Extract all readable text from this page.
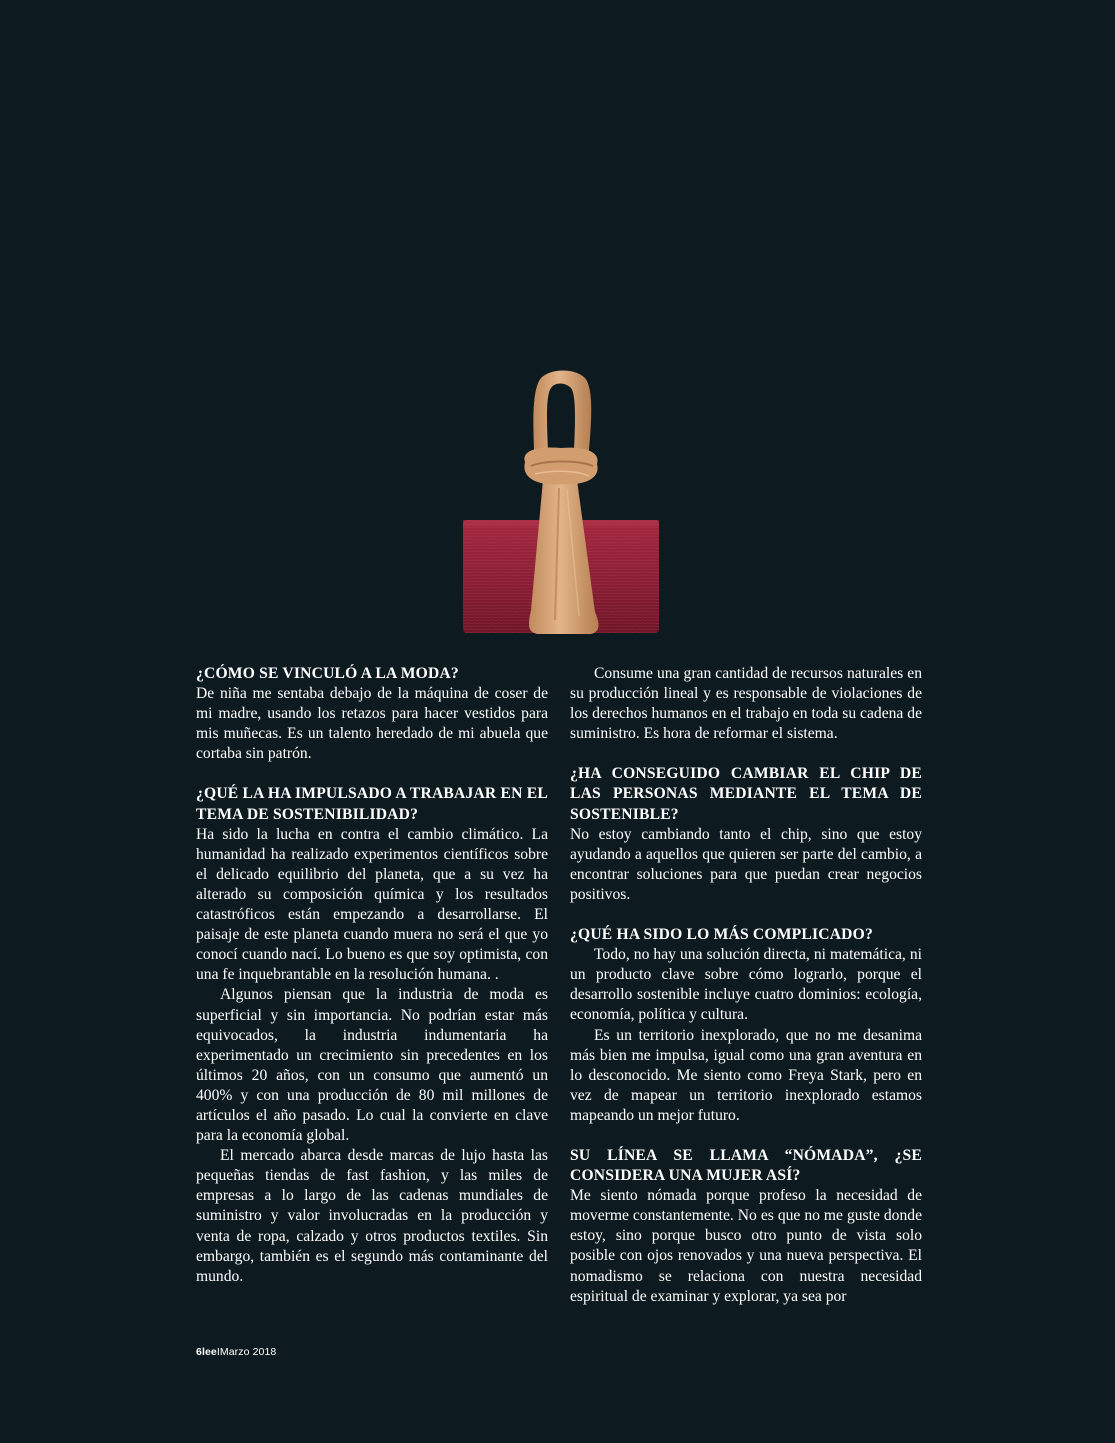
¿CÓMO SE VINCULÓ A LA MODA?

De niña me sentaba debajo de la máquina de coser de mi madre, usando los retazos para hacer vestidos para mis muñecas. Es un talento heredado de mi abuela que cortaba sin patrón.

¿QUÉ LA HA IMPULSADO A TRABAJAR EN EL TEMA DE SOSTENIBILIDAD?

Ha sido la lucha en contra el cambio climático. La humanidad ha realizado experimentos científicos sobre el delicado equilibrio del planeta, que a su vez ha alterado su composición química y los resultados catastróficos están empezando a desarrollarse. El paisaje de este planeta cuando muera no será el que yo conocí cuando nací. Lo bueno es que soy optimista, con una fe inquebrantable en la resolución humana. .

Algunos piensan que la industria de moda es superficial y sin importancia. No podrían estar más equivocados, la industria indumentaria ha experimentado un crecimiento sin precedentes en los últimos 20 años, con un consumo que aumentó un 400% y con una producción de 80 mil millones de artículos el año pasado. Lo cual la convierte en clave para la economía global.

El mercado abarca desde marcas de lujo hasta las pequeñas tiendas de fast fashion, y las miles de empresas a lo largo de las cadenas mundiales de suministro y valor involucradas en la producción y venta de ropa, calzado y otros productos textiles. Sin embargo, también es el segundo más contaminante del mundo.

Consume una gran cantidad de recursos naturales en su producción lineal y es responsable de violaciones de los derechos humanos en el trabajo en toda su cadena de suministro. Es hora de reformar el sistema.

¿HA CONSEGUIDO CAMBIAR EL CHIP DE LAS PERSONAS MEDIANTE EL TEMA DE SOSTENIBLE?

No estoy cambiando tanto el chip, sino que estoy ayudando a aquellos que quieren ser parte del cambio, a encontrar soluciones para que puedan crear negocios positivos.

¿QUÉ HA SIDO LO MÁS COMPLICADO?

Todo, no hay una solución directa, ni matemática, ni un producto clave sobre cómo lograrlo, porque el desarrollo sostenible incluye cuatro dominios: ecología, economía, política y cultura.

Es un territorio inexplorado, que no me desanima más bien me impulsa, igual como una gran aventura en lo desconocido. Me siento como Freya Stark, pero en vez de mapear un territorio inexplorado estamos mapeando un mejor futuro.

SU LÍNEA SE LLAMA “NÓMADA”, ¿SE CONSIDERA UNA MUJER ASÍ?

Me siento nómada porque profeso la necesidad de moverme constantemente. No es que no me guste donde estoy, sino porque busco otro punto de vista solo posible con ojos renovados y una nueva perspectiva. El nomadismo se relaciona con nuestra necesidad espiritual de examinar y explorar, ya sea por

6leeIMarzo 2018
